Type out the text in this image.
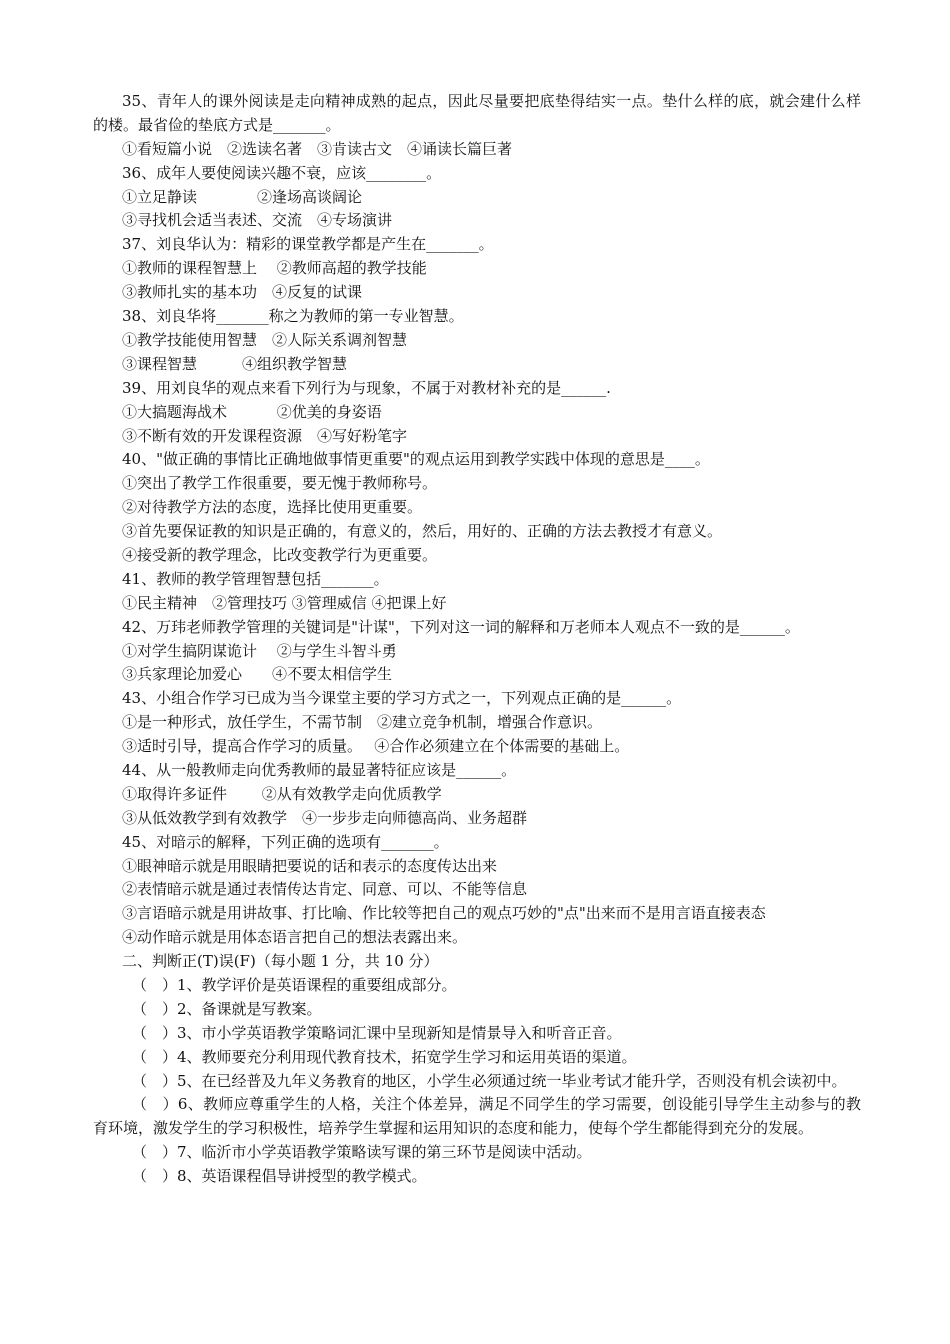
35、青年人的课外阅读是走向精神成熟的起点，因此尽量要把底垫得结实一点。垫什么样的底，就会建什么样的楼。最省俭的垫底方式是_______。
①看短篇小说　②选读名著　③肯读古文　④诵读长篇巨著
36、成年人要使阅读兴趣不衰，应该________。
①立足静读　　　　②逢场高谈阔论
③寻找机会适当表述、交流　④专场演讲
37、刘良华认为：精彩的课堂教学都是产生在_______。
①教师的课程智慧上　 ②教师高超的教学技能
③教师扎实的基本功　④反复的试课
38、刘良华将_______称之为教师的第一专业智慧。
①教学技能使用智慧　②人际关系调剂智慧
③课程智慧　　　④组织教学智慧
39、用刘良华的观点来看下列行为与现象，不属于对教材补充的是______.
①大搞题海战术　　　 ②优美的身姿语
③不断有效的开发课程资源　④写好粉笔字
40、"做正确的事情比正确地做事情更重要"的观点运用到教学实践中体现的意思是____。
①突出了教学工作很重要，要无愧于教师称号。
②对待教学方法的态度，选择比使用更重要。
③首先要保证教的知识是正确的，有意义的，然后，用好的、正确的方法去教授才有意义。
④接受新的教学理念，比改变教学行为更重要。
41、教师的教学管理智慧包括_______。
①民主精神　②管理技巧 ③管理威信 ④把课上好
42、万玮老师教学管理的关键词是"计谋"，下列对这一词的解释和万老师本人观点不一致的是______。
①对学生搞阴谋诡计　 ②与学生斗智斗勇
③兵家理论加爱心　　④不要太相信学生
43、小组合作学习已成为当今课堂主要的学习方式之一，下列观点正确的是______。
①是一种形式，放任学生，不需节制　②建立竞争机制，增强合作意识。
③适时引导，提高合作学习的质量。　 ④合作必须建立在个体需要的基础上。
44、从一般教师走向优秀教师的最显著特征应该是______。
①取得许多证件　　 ②从有效教学走向优质教学
③从低效教学到有效教学　④一步步走向师德高尚、业务超群
45、对暗示的解释，下列正确的选项有_______。
①眼神暗示就是用眼睛把要说的话和表示的态度传达出来
②表情暗示就是通过表情传达肯定、同意、可以、不能等信息
③言语暗示就是用讲故事、打比喻、作比较等把自己的观点巧妙的"点"出来而不是用言语直接表态
④动作暗示就是用体态语言把自己的想法表露出来。
二、判断正(T)误(F)（每小题 1 分，共 10 分）
（　）1、教学评价是英语课程的重要组成部分。
（　）2、备课就是写教案。
（　）3、市小学英语教学策略词汇课中呈现新知是情景导入和听音正音。
（　）4、教师要充分利用现代教育技术，拓宽学生学习和运用英语的渠道。
（　）5、在已经普及九年义务教育的地区，小学生必须通过统一毕业考试才能升学，否则没有机会读初中。
（　）6、教师应尊重学生的人格，关注个体差异，满足不同学生的学习需要，创设能引导学生主动参与的教育环境，激发学生的学习积极性，培养学生掌握和运用知识的态度和能力，使每个学生都能得到充分的发展。
（　）7、临沂市小学英语教学策略读写课的第三环节是阅读中活动。
（　）8、英语课程倡导讲授型的教学模式。
